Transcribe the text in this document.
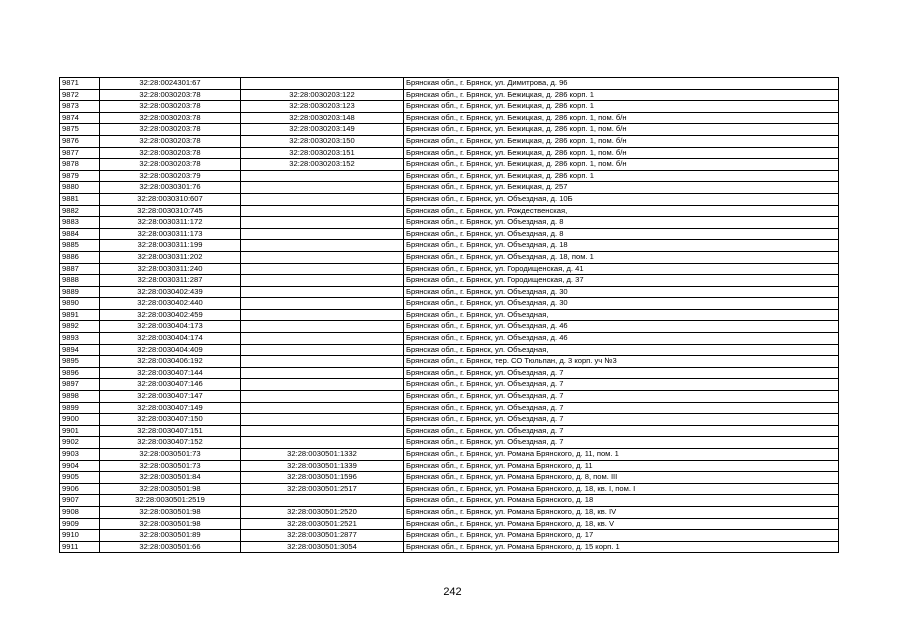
9871	32:28:0024301:67		Брянская обл., г. Брянск, ул. Димитрова, д. 96
9872	32:28:0030203:78	32:28:0030203:122	Брянская обл., г. Брянск, ул. Бежицкая, д. 286 корп. 1
9873	32:28:0030203:78	32:28:0030203:123	Брянская обл., г. Брянск, ул. Бежицкая, д. 286 корп. 1
9874	32:28:0030203:78	32:28:0030203:148	Брянская обл., г. Брянск, ул. Бежицкая, д. 286 корп. 1, пом. б/н
9875	32:28:0030203:78	32:28:0030203:149	Брянская обл., г. Брянск, ул. Бежицкая, д. 286 корп. 1, пом. б/н
9876	32:28:0030203:78	32:28:0030203:150	Брянская обл., г. Брянск, ул. Бежицкая, д. 286 корп. 1, пом. б/н
9877	32:28:0030203:78	32:28:0030203:151	Брянская обл., г. Брянск, ул. Бежицкая, д. 286 корп. 1, пом. б/н
9878	32:28:0030203:78	32:28:0030203:152	Брянская обл., г. Брянск, ул. Бежицкая, д. 286 корп. 1, пом. б/н
9879	32:28:0030203:79		Брянская обл., г. Брянск, ул. Бежицкая, д. 286 корп. 1
9880	32:28:0030301:76		Брянская обл., г. Брянск, ул. Бежицкая, д. 257
9881	32:28:0030310:607		Брянская обл., г. Брянск, ул. Объездная, д. 10Б
9882	32:28:0030310:745		Брянская обл., г. Брянск, ул. Рождественская,
9883	32:28:0030311:172		Брянская обл., г. Брянск, ул. Объездная, д. 8
9884	32:28:0030311:173		Брянская обл., г. Брянск, ул. Объездная, д. 8
9885	32:28:0030311:199		Брянская обл., г. Брянск, ул. Объездная, д. 18
9886	32:28:0030311:202		Брянская обл., г. Брянск, ул. Объездная, д. 18, пом. 1
9887	32:28:0030311:240		Брянская обл., г. Брянск, ул. Городищенская, д. 41
9888	32:28:0030311:287		Брянская обл., г. Брянск, ул. Городищенская, д. 37
9889	32:28:0030402:439		Брянская обл., г. Брянск, ул. Объездная, д. 30
9890	32:28:0030402:440		Брянская обл., г. Брянск, ул. Объездная, д. 30
9891	32:28:0030402:459		Брянская обл., г. Брянск, ул. Объездная,
9892	32:28:0030404:173		Брянская обл., г. Брянск, ул. Объездная, д. 46
9893	32:28:0030404:174		Брянская обл., г. Брянск, ул. Объездная, д. 46
9894	32:28:0030404:409		Брянская обл., г. Брянск, ул. Объездная,
9895	32:28:0030406:192		Брянская обл., г. Брянск, тер. СО Тюльпан, д. 3 корп. уч №3
9896	32:28:0030407:144		Брянская обл., г. Брянск, ул. Объездная, д. 7
9897	32:28:0030407:146		Брянская обл., г. Брянск, ул. Объездная, д. 7
9898	32:28:0030407:147		Брянская обл., г. Брянск, ул. Объездная, д. 7
9899	32:28:0030407:149		Брянская обл., г. Брянск, ул. Объездная, д. 7
9900	32:28:0030407:150		Брянская обл., г. Брянск, ул. Объездная, д. 7
9901	32:28:0030407:151		Брянская обл., г. Брянск, ул. Объездная, д. 7
9902	32:28:0030407:152		Брянская обл., г. Брянск, ул. Объездная, д. 7
9903	32:28:0030501:73	32:28:0030501:1332	Брянская обл., г. Брянск, ул. Романа Брянского, д. 11, пом. 1
9904	32:28:0030501:73	32:28:0030501:1339	Брянская обл., г. Брянск, ул. Романа Брянского, д. 11
9905	32:28:0030501:84	32:28:0030501:1596	Брянская обл., г. Брянск, ул. Романа Брянского, д. 8, пом. III
9906	32:28:0030501:98	32:28:0030501:2517	Брянская обл., г. Брянск, ул. Романа Брянского, д. 18, кв. I, пом. I
9907	32:28:0030501:2519		Брянская обл., г. Брянск, ул. Романа Брянского, д. 18
9908	32:28:0030501:98	32:28:0030501:2520	Брянская обл., г. Брянск, ул. Романа Брянского, д. 18, кв. IV
9909	32:28:0030501:98	32:28:0030501:2521	Брянская обл., г. Брянск, ул. Романа Брянского, д. 18, кв. V
9910	32:28:0030501:89	32:28:0030501:2877	Брянская обл., г. Брянск, ул. Романа Брянского, д. 17
9911	32:28:0030501:66	32:28:0030501:3054	Брянская обл., г. Брянск, ул. Романа Брянского, д. 15 корп. 1
242
